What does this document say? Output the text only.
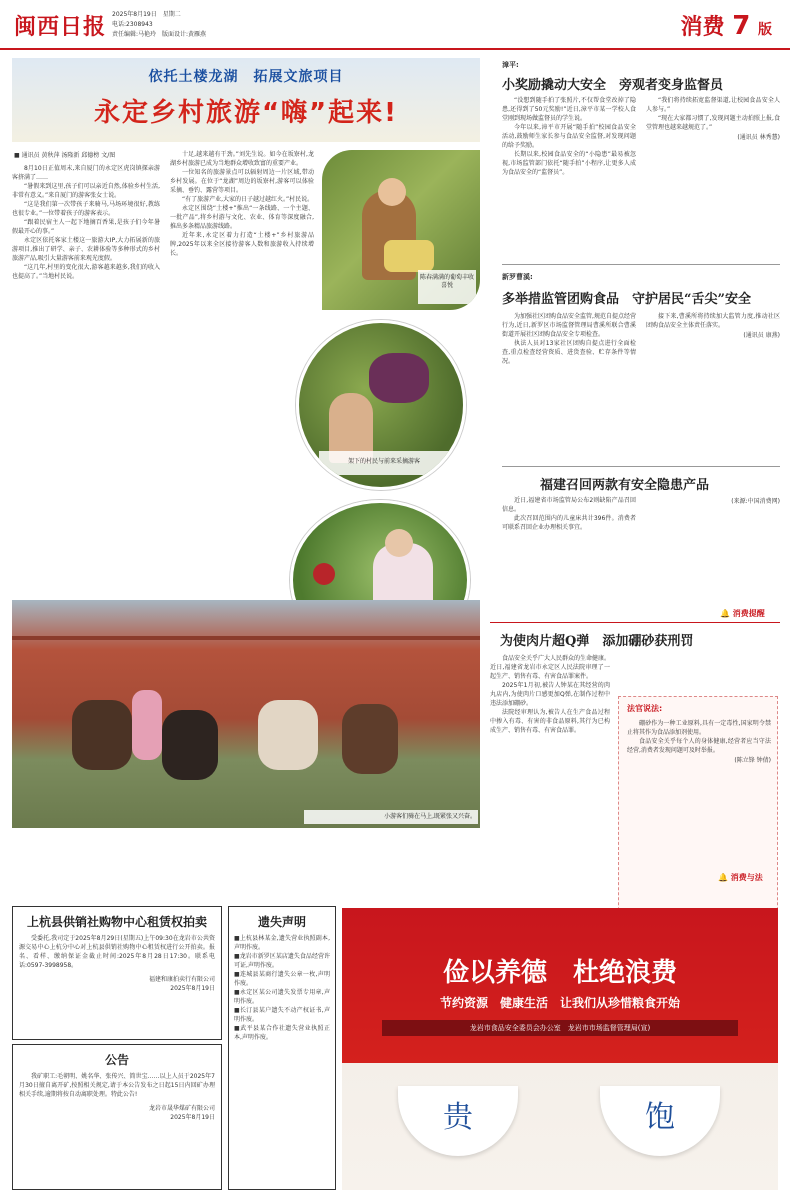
闽西日报 2025年8月19日　星期二
电话:2308943
责任编辑:马艳玲　版面设计:黄雁燕	消费 7 版
依托土楼龙湖　拓展文旅项目
永定乡村旅游“嗨”起来!
■ 通讯员 黄秋萍 汤隆新 邱德榜 文/图

8月10日正值周末,来自厦门的永定区虎岗镇探亲游客挤满了……

“暑假来到这里,孩子们可以亲近自然,体验乡村生活,非常有意义。”来自厦门的游客张女士说。

“这是我们第一次带孩子来骑马,马场环境很好,教练也很专业。”一位带着孩子的游客表示。

“跟着民宿主人一起下地摘百香果,是孩子们今年暑假最开心的事。”

永定区依托客家土楼这一旅游大IP,大力拓展新的旅游项目,推出了研学、亲子、农耕体验等多种形式的乡村旅游产品,吸引大量游客前来观光度假。

“这几年,村里的变化很大,游客越来越多,我们的收入也提高了。”当地村民说。

十足,越来越有干劲。”刘先生说。如今在坂寮村,龙湖乡村旅游已成为当地群众增收致富的重要产业。

一位知名的旅游景点可以辐射周边一片区域,带动乡村发展。在位于“龙湖”周边的坂寮村,游客可以体验采摘、垂钓、露营等项目。

“有了旅游产业,大家的日子越过越红火。”村民说。

永定区围绕“土楼+”推出“一条线路、一个主题、一批产品”,将乡村游与文化、农业、体育等深度融合,推出多条精品旅游线路。

近年来,永定区着力打造“土楼+”乡村旅游品牌,2025年以来全区接待游客人数和旅游收入持续增长。

陈春满满的葡萄丰收喜悦
架下的村民与前来采摘游客
小游客们骑在马上,既紧张又兴奋。
漳平:
小奖励撬动大安全　旁观者变身监督员

“没想到随手拍了张照片,不仅帮食堂改掉了隐患,还得到了50元奖励!”近日,漳平市某一学校人食堂刚到现场做监督员的学生说。

今年以来,漳平市开展“随手拍”校园食品安全活动,鼓励师生家长参与食品安全监督,对发现问题的给予奖励。

长期以来,校园食品安全的“小隐患”最易被忽视,市场监管部门依托“随手拍”小程序,让更多人成为食品安全的“监督员”。

“我们将持续拓宽监督渠道,让校园食品安全人人参与。”

“现在大家都习惯了,发现问题主动拍照上报,食堂管理也越来越规范了。”

(通讯员 林秀慧)

新罗曹溪:
多举措监管团购食品　守护居民“舌尖”安全

为加强社区团购食品安全监管,规范自提点经营行为,近日,新罗区市场监督管理局曹溪所联合曹溪街道开展社区团购食品安全专项检查。

执法人员对13家社区团购自提点进行全面检查,重点检查经营资质、进货查验、贮存条件等情况。

接下来,曹溪所将持续加大监管力度,推动社区团购食品安全主体责任落实。

(通讯员 康燕)

福建召回两款有安全隐患产品

近日,福建省市场监管局公布2则缺陷产品召回信息。

此次召回范围内的儿童床共计396件。消费者可联系召回企业办理相关事宜。

(来源:中国消费网)

🔔 消费提醒
为使肉片超Q弹　添加硼砂获刑罚

食品安全关乎广大人民群众的生命健康。近日,福建省龙岩市永定区人民法院审理了一起生产、销售有毒、有害食品罪案件。

2025年1月初,被告人钟某在其经营的肉丸店内,为使肉片口感更加Q弹,在制作过程中违法添加硼砂。

法院经审理认为,被告人在生产食品过程中掺入有毒、有害的非食品原料,其行为已构成生产、销售有毒、有害食品罪。

法官说法:

硼砂作为一种工业原料,具有一定毒性,国家明令禁止将其作为食品添加剂使用。

食品安全关乎每个人的身体健康,经营者应当守法经营,消费者发现问题可及时举报。

(陈立锋 钟倩)

🔔 消费与法
上杭县供销社购物中心租赁权拍卖

受委托,我司定于2025年8月29日(星期五)上午09:30在龙岩市公共资源交易中心上杭分中心对上杭县供销社购物中心租赁权进行公开拍卖。报名、看样、缴纳保证金截止时间:2025年8月28日17:30。联系电话:0597-3998958。

福建和康拍卖行有限公司
2025年8月19日

公告

我矿职工:毛朝明、姚名华、张传兴、简世宝……以上人员于2025年7月30日擅自离开矿,按照相关规定,请于本公告发布之日起15日内回矿办理相关手续,逾期将按自动离职处理。特此公告!

龙岩市晟华煤矿有限公司
2025年8月19日

遗失声明

■上杭县林某金,遗失营业执照副本,声明作废。

■龙岩市新罗区某店遗失食品经营许可证,声明作废。

■连城县某商行遗失公章一枚,声明作废。

■永定区某公司遗失发票专用章,声明作废。

■长汀县某户遗失不动产权证书,声明作废。

■武平县某合作社遗失营业执照正本,声明作废。

俭以养德　杜绝浪费
节约资源　健康生活　让我们从珍惜粮食开始
龙岩市食品安全委员会办公室　龙岩市市场监督管理局(宣)
贵	饱
